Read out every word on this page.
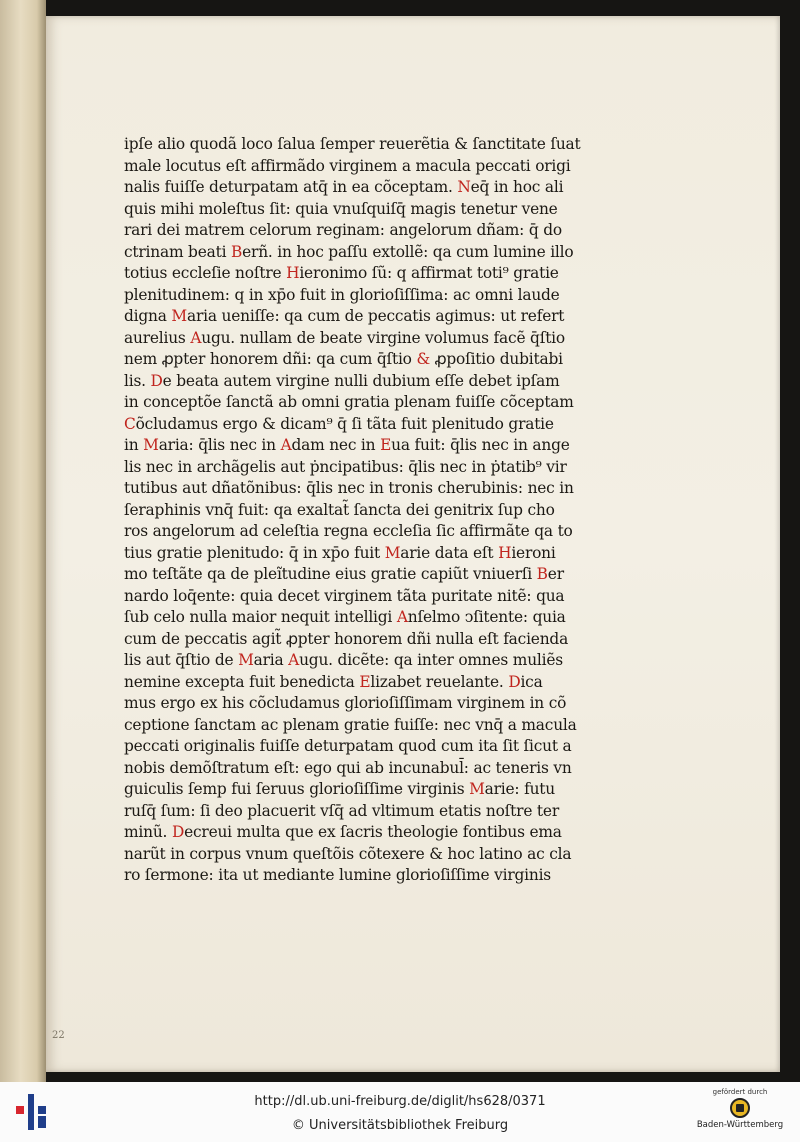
ipſe alio quodã loco ſalua ſemper reuerẽtia & ſanctitate ſuat
male locutus eſt affirmãdo virginem a macula peccati origi
nalis fuiſſe deturpatam atq̄ in ea cõceptam. Neq̄ in hoc ali
quis mihi moleſtus ſit: quia vnuſquiſq̄ magis tenetur vene
rari dei matrem celorum reginam: angelorum dñam: q̄ do
ctrinam beati Berñ. in hoc paſſu extollẽ: qa cum lumine illo
totius eccleſie noſtre Hieronimo ſũ: q affirmat toti⁹ gratie
plenitudinem: q in xp̄o fuit in glorioſiſſima: ac omni laude
digna Maria ueniſſe: qa cum de peccatis agimus: ut refert
aurelius Augu. nullam de beate virgine volumus facẽ q̄ſtio
nem ꝓpter honorem dñi: qa cum q̄ſtio & ꝓpoſitio dubitabi
lis. De beata autem virgine nulli dubium eſſe debet ipſam
in conceptõe ſanctã ab omni gratia plenam fuiſſe cõceptam
Cõcludamus ergo & dicam⁹ q̄ ſi tãta fuit plenitudo gratie
in Maria: q̄lis nec in Adam nec in Eua fuit: q̄lis nec in ange
lis nec in archãgelis aut ṗncipatibus: q̄lis nec in ṗtatib⁹ vir
tutibus aut dñatõnibus: q̄lis nec in tronis cherubinis: nec in
ſeraphinis vnq̄ fuit: qa exaltat̃ ſancta dei genitrix ſup cho
ros angelorum ad celeſtia regna eccleſia ſic affirmãte qa to
tius gratie plenitudo: q̄ in xp̄o fuit Marie data eſt Hieroni
mo teſtãte qa de pleĩtudine eius gratie capiũt vniuerſi Ber
nardo loq̄ente: quia decet virginem tãta puritate nitẽ: qua
ſub celo nulla maior nequit intelligi Anſelmo ↄſitente: quia
cum de peccatis agit̃ ꝓpter honorem dñi nulla eſt facienda
lis aut q̄ſtio de Maria Augu. dicẽte: qa inter omnes muliẽs
nemine excepta fuit benedicta Elizabet reuelante. Dica
mus ergo ex his cõcludamus glorioſiſſimam virginem in cõ
ceptione ſanctam ac plenam gratie fuiſſe: nec vnq̄ a macula
peccati originalis fuiſſe deturpatam quod cum ita ſit ſicut a
nobis demõſtratum eſt: ego qui ab incunabul̄: ac teneris vn
guiculis ſemp fui ſeruus glorioſiſſime virginis Marie: futu
ruſq̄ ſum: ſi deo placuerit vſq̄ ad vltimum etatis noſtre ter
minũ. Decreui multa que ex ſacris theologie fontibus ema
narũt in corpus vnum queſtõis cõtexere & hoc latino ac cla
ro ſermone: ita ut mediante lumine glorioſiſſime virginis
22
http://dl.ub.uni-freiburg.de/diglit/hs628/0371
© Universitätsbibliothek Freiburg
gefördert durch
Baden-Württemberg
